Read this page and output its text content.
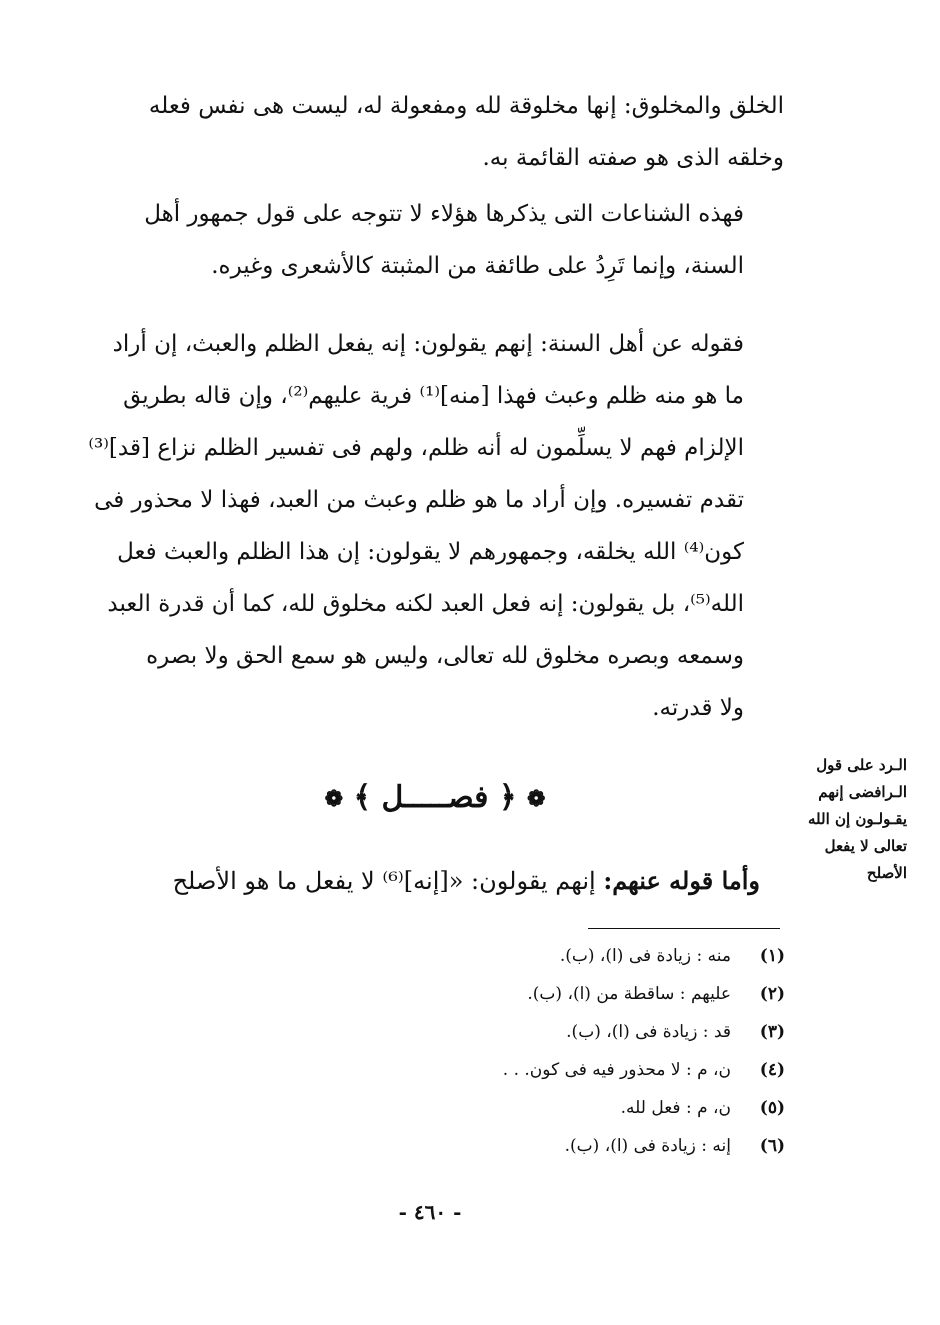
الخلق والمخلوق: إنها مخلوقة لله ومفعولة له، ليست هى نفس فعله
وخلقه الذى هو صفته القائمة به.
فهذه الشناعات التى يذكرها هؤلاء لا تتوجه على قول جمهور أهل
السنة، وإنما تَرِدُ على طائفة من المثبتة كالأشعرى وغيره.
فقوله عن أهل السنة: إنهم يقولون: إنه يفعل الظلم والعبث، إن أراد
ما هو منه ظلم وعبث فهذا [منه]⁽¹⁾ فرية عليهم⁽²⁾، وإن قاله بطريق
الإلزام فهم لا يسلِّمون له أنه ظلم، ولهم فى تفسير الظلم نزاع [قد]⁽³⁾
تقدم تفسيره. وإن أراد ما هو ظلم وعبث من العبد، فهذا لا محذور فى
كون⁽⁴⁾ الله يخلقه، وجمهورهم لا يقولون: إن هذا الظلم والعبث فعل
الله⁽⁵⁾، بل يقولون: إنه فعل العبد لكنه مخلوق لله، كما أن قدرة العبد
وسمعه وبصره مخلوق لله تعالى، وليس هو سمع الحق ولا بصره
ولا قدرته.
❁ ﴿ فصـــــل ﴾ ❁
وأما قوله عنهم: إنهم يقولون: «[إنه]⁽⁶⁾ لا يفعل ما هو الأصلح
الـرد على قول
الـرافضى إنهم
يقـولـون إن الله
تعالى لا يفعل
الأصلح
(١)
منه : زيادة فى (ا)، (ب).
(٢)
عليهم : ساقطة من (ا)، (ب).
(٣)
قد : زيادة فى (ا)، (ب).
(٤)
ن، م : لا محذور فيه فى كون. . .
(٥)
ن، م : فعل لله.
(٦)
إنه : زيادة فى (ا)، (ب).
- ٤٦٠ -
